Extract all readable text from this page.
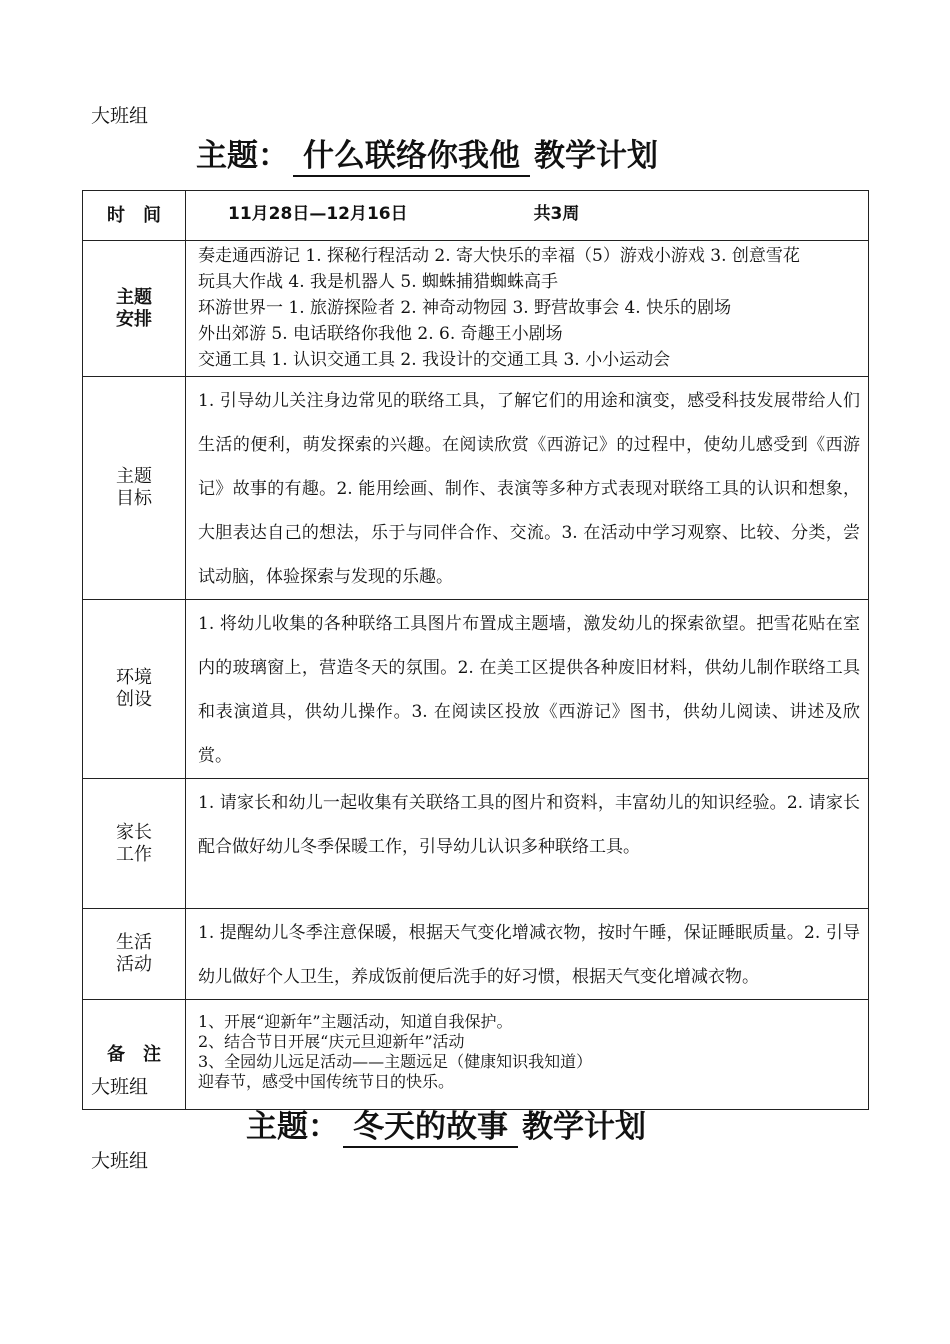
大班组
主题： 什么联络你我他 教学计划
时　间	11月28日—12月16日 共3周

主题安排	奏走通西游记 1. 探秘行程活动 2. 寄大快乐的幸福（5）游戏小游戏 3. 创意雪花
玩具大作战 4. 我是机器人 5. 蜘蛛捕猎蜘蛛高手
环游世界一 1. 旅游探险者 2. 神奇动物园 3. 野营故事会 4. 快乐的剧场
外出郊游 5. 电话联络你我他 2. 6. 奇趣王小剧场
交通工具 1. 认识交通工具 2. 我设计的交通工具 3. 小小运动会

主题目标	1. 引导幼儿关注身边常见的联络工具，了解它们的用途和演变，感受科技发展带给人们生活的便利，萌发探索的兴趣。在阅读欣赏《西游记》的过程中，使幼儿感受到《西游记》故事的有趣。2. 能用绘画、制作、表演等多种方式表现对联络工具的认识和想象，大胆表达自己的想法，乐于与同伴合作、交流。3. 在活动中学习观察、比较、分类，尝试动脑，体验探索与发现的乐趣。

环境创设	1. 将幼儿收集的各种联络工具图片布置成主题墙，激发幼儿的探索欲望。把雪花贴在室内的玻璃窗上，营造冬天的氛围。2. 在美工区提供各种废旧材料，供幼儿制作联络工具和表演道具，供幼儿操作。3. 在阅读区投放《西游记》图书，供幼儿阅读、讲述及欣赏。

家长工作	1. 请家长和幼儿一起收集有关联络工具的图片和资料，丰富幼儿的知识经验。2. 请家长配合做好幼儿冬季保暖工作，引导幼儿认识多种联络工具。

生活活动	1. 提醒幼儿冬季注意保暖，根据天气变化增减衣物，按时午睡，保证睡眠质量。2. 引导幼儿做好个人卫生，养成饭前便后洗手的好习惯，根据天气变化增减衣物。

备　注	1、开展“迎新年”主题活动，知道自我保护。
2、结合节日开展“庆元旦迎新年”活动
3、全园幼儿远足活动——主题远足（健康知识我知道）
迎春节，感受中国传统节日的快乐。
大班组
主题： 冬天的故事 教学计划
大班组
